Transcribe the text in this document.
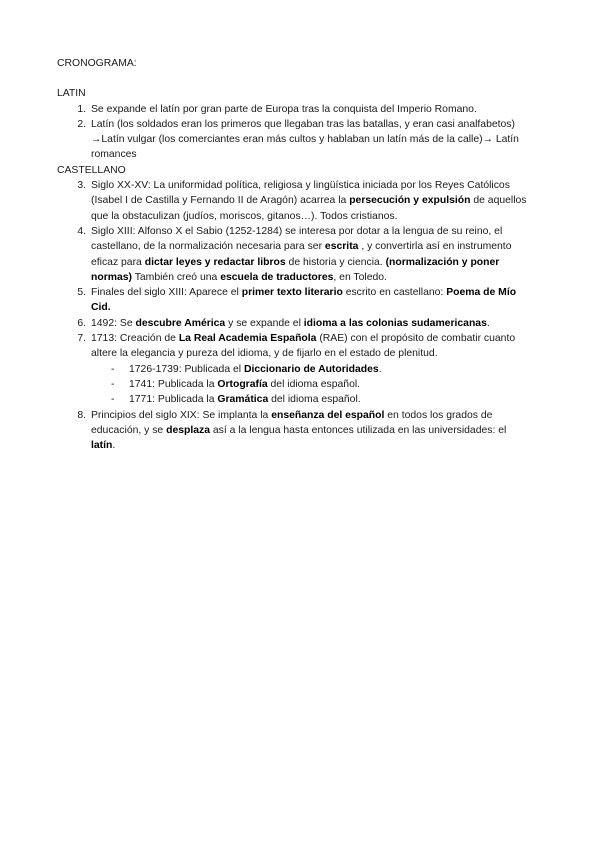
CRONOGRAMA:
LATIN
1. Se expande el latín por gran parte de Europa tras la conquista del Imperio Romano.
2. Latín (los soldados eran los primeros que llegaban tras las batallas, y eran casi analfabetos) →Latín vulgar (los comerciantes eran más cultos y hablaban un latín más de la calle)→ Latín romances
CASTELLANO
3. Siglo XX-XV: La uniformidad política, religiosa y lingüística iniciada por los Reyes Católicos (Isabel I de Castilla y Fernando II de Aragón) acarrea la persecución y expulsión de aquellos que la obstaculizan (judíos, moriscos, gitanos…). Todos cristianos.
4. Siglo XIII: Alfonso X el Sabio (1252-1284) se interesa por dotar a la lengua de su reino, el castellano, de la normalización necesaria para ser escrita , y convertirla así en instrumento eficaz para dictar leyes y redactar libros de historia y ciencia. (normalización y poner normas) También creó una escuela de traductores, en Toledo.
5. Finales del siglo XIII: Aparece el primer texto literario escrito en castellano: Poema de Mío Cid.
6. 1492: Se descubre América y se expande el idioma a las colonias sudamericanas.
7. 1713: Creación de La Real Academia Española (RAE) con el propósito de combatir cuanto altere la elegancia y pureza del idioma, y de fijarlo en el estado de plenitud.
- 1726-1739: Publicada el Diccionario de Autoridades.
- 1741: Publicada la Ortografía del idioma español.
- 1771: Publicada la Gramática del idioma español.
8. Principios del siglo XIX: Se implanta la enseñanza del español en todos los grados de educación, y se desplaza así a la lengua hasta entonces utilizada en las universidades: el latín.
